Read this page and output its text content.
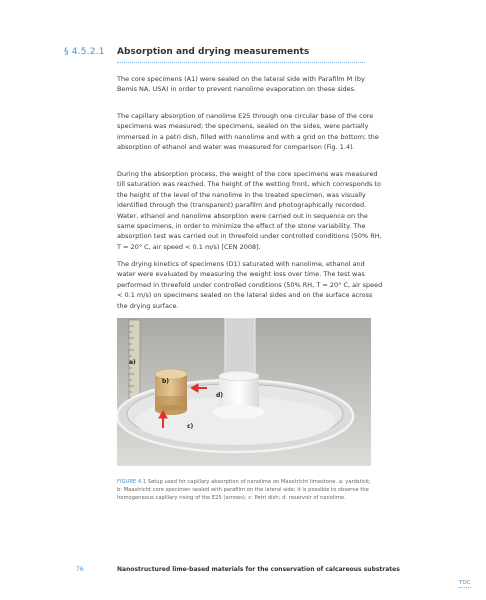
§ 4.5.2.1 Absorption and drying measurements

The core specimens (A1) were sealed on the lateral side with Parafilm M (by Bemis NA, USA) in order to prevent nanolime evaporation on these sides.

The capillary absorption of nanolime E25 through one circular base of the core specimens was measured; the specimens, sealed on the sides, were partially immersed in a petri dish, filled with nanolime and with a grid on the bottom; the absorption of ethanol and water was measured for comparison (Fig. 1.4).

During the absorption process, the weight of the core specimens was measured till saturation was reached. The height of the wetting front, which corresponds to the height of the level of the nanolime in the treated specimen, was visually identified through the (transparent) parafilm and photographically recorded. Water, ethanol and nanolime absorption were carried out in sequence on the same specimens, in order to minimize the effect of the stone variability. The absorption test was carried out in threefold under controlled conditions (50% RH, T = 20° C, air speed < 0.1 m/s) [CEN 2008].

The drying kinetics of specimens (D1) saturated with nanolime, ethanol and water were evaluated by measuring the weight loss over time. The test was performed in threefold under controlled conditions (50% RH, T = 20° C, air speed < 0.1 m/s) on specimens sealed on the lateral sides and on the surface across the drying surface.

a)
b)
c)
d)

FIGURE 4.1 Setup used for capillary absorption of nanolime on Maastricht limestone. a: yardstick; b: Maastricht core specimen sealed with parafilm on the lateral side; it is possible to observe the homogeneous capillary rising of the E25 (arrows); c: Petri dish; d: reservoir of nanolime.

76	Nanostructured lime-based materials for the conservation of calcareous substrates
TOC
